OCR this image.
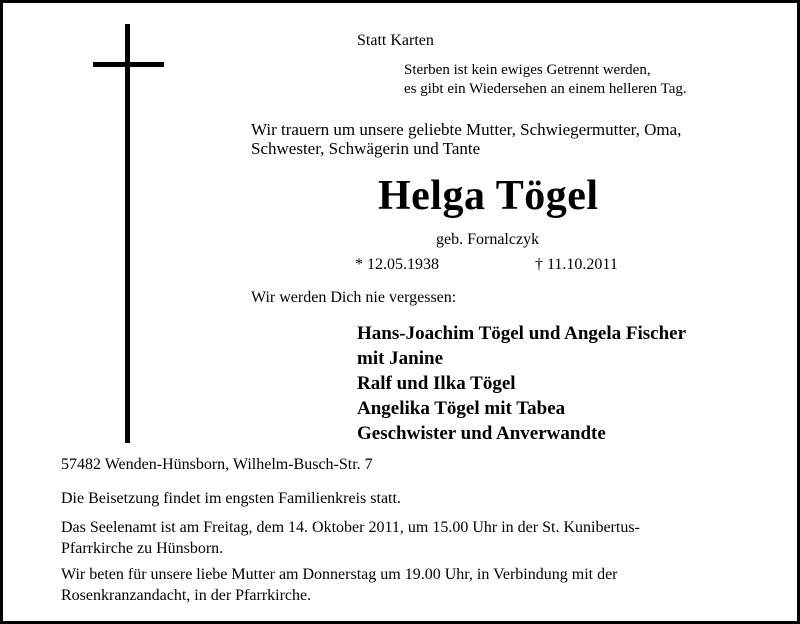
Statt Karten
Sterben ist kein ewiges Getrennt werden,
es gibt ein Wiedersehen an einem helleren Tag.
Wir trauern um unsere geliebte Mutter, Schwiegermutter, Oma,
Schwester, Schwägerin und Tante
Helga Tögel
geb. Fornalczyk
* 12.05.1938	† 11.10.2011
Wir werden Dich nie vergessen:
Hans-Joachim Tögel und Angela Fischer
mit Janine
Ralf und Ilka Tögel
Angelika Tögel mit Tabea
Geschwister und Anverwandte
57482 Wenden-Hünsborn, Wilhelm-Busch-Str. 7
Die Beisetzung findet im engsten Familienkreis statt.
Das Seelenamt ist am Freitag, dem 14. Oktober 2011, um 15.00 Uhr in der St. Kunibertus-
Pfarrkirche zu Hünsborn.
Wir beten für unsere liebe Mutter am Donnerstag um 19.00 Uhr, in Verbindung mit der
Rosenkranzandacht, in der Pfarrkirche.
